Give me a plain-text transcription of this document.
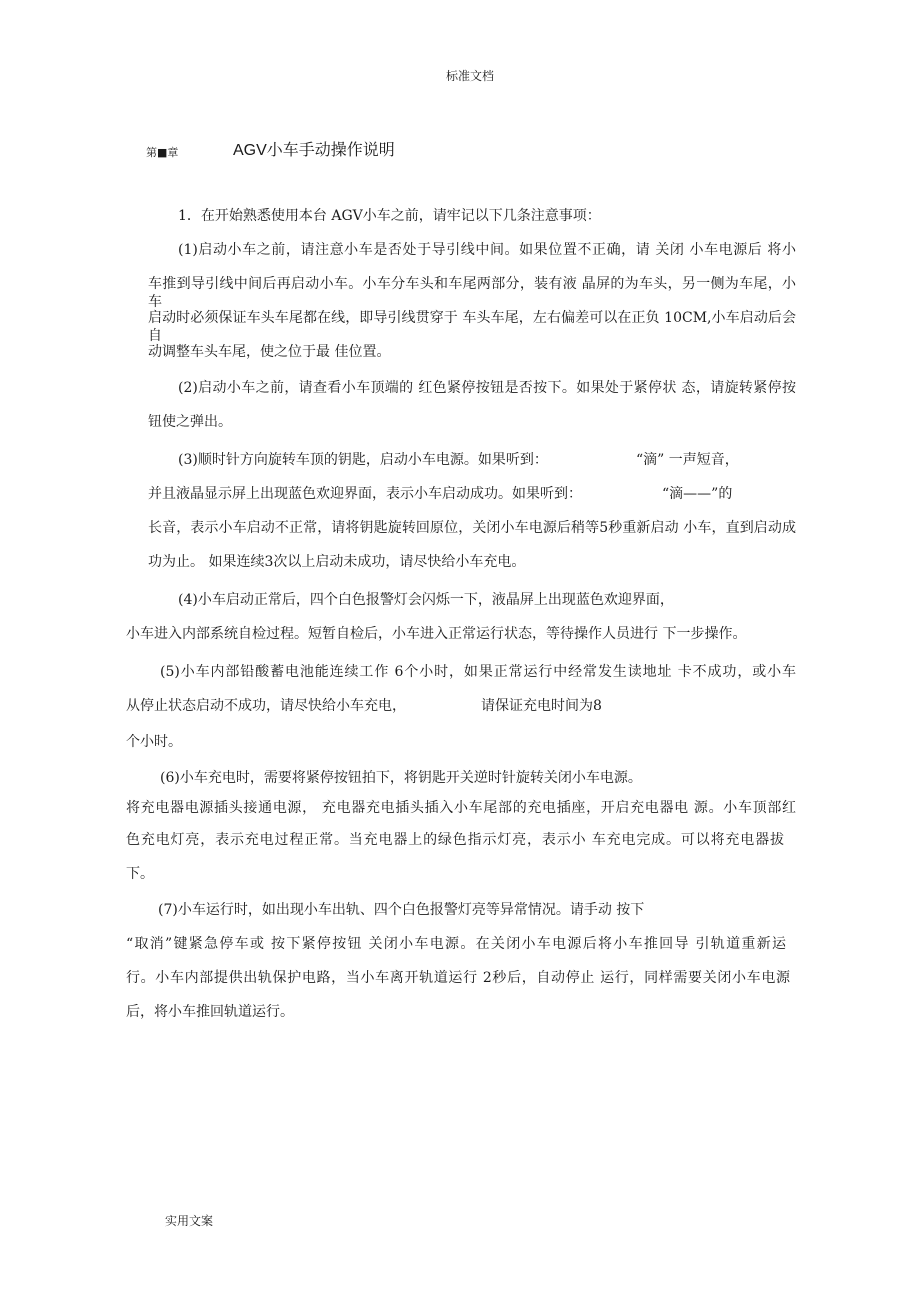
标准文档
第■章	AGV小车手动操作说明
1．在开始熟悉使用本台 AGV小车之前，请牢记以下几条注意事项：
(1)启动小车之前，请注意小车是否处于导引线中间。如果位置不正确，请 关闭 小车电源后 将小
车推到导引线中间后再启动小车。小车分车头和车尾两部分，装有液 晶屏的为车头，另一侧为车尾，小车
启动时必须保证车头车尾都在线，即导引线贯穿于 车头车尾，左右偏差可以在正负 10CM,小车启动后会自
动调整车头车尾，使之位于最 佳位置。
(2)启动小车之前，请查看小车顶端的 红色紧停按钮是否按下。如果处于紧停状 态，请旋转紧停按
钮使之弹出。
(3)顺时针方向旋转车顶的钥匙，启动小车电源。如果听到：	“滴” 一声短音，
并且液晶显示屏上出现蓝色欢迎界面，表示小车启动成功。如果听到：	“滴——”的
长音，表示小车启动不正常，请将钥匙旋转回原位，关闭小车电源后稍等5秒重新启动 小车，直到启动成
功为止。 如果连续3次以上启动未成功，请尽快给小车充电。
(4)小车启动正常后，四个白色报警灯会闪烁一下，液晶屏上出现蓝色欢迎界面，
小车进入内部系统自检过程。短暂自检后，小车进入正常运行状态，等待操作人员进行 下一步操作。
(5)小车内部铅酸蓄电池能连续工作 6个小时，如果正常运行中经常发生读地址 卡不成功，或小车
从停止状态启动不成功，请尽快给小车充电，	请保证充电时间为8
个小时。
(6)小车充电时，需要将紧停按钮拍下，将钥匙开关逆时针旋转关闭小车电源。
将充电器电源插头接通电源， 充电器充电插头插入小车尾部的充电插座，开启充电器电 源。小车顶部红
色充电灯亮，表示充电过程正常。当充电器上的绿色指示灯亮，表示小 车充电完成。可以将充电器拔
下。
(7)小车运行时，如出现小车出轨、四个白色报警灯亮等异常情况。请手动 按下
“取消”键紧急停车或 按下紧停按钮 关闭小车电源。在关闭小车电源后将小车推回导 引轨道重新运
行。小车内部提供出轨保护电路，当小车离开轨道运行 2秒后，自动停止 运行，同样需要关闭小车电源
后，将小车推回轨道运行。
实用文案
